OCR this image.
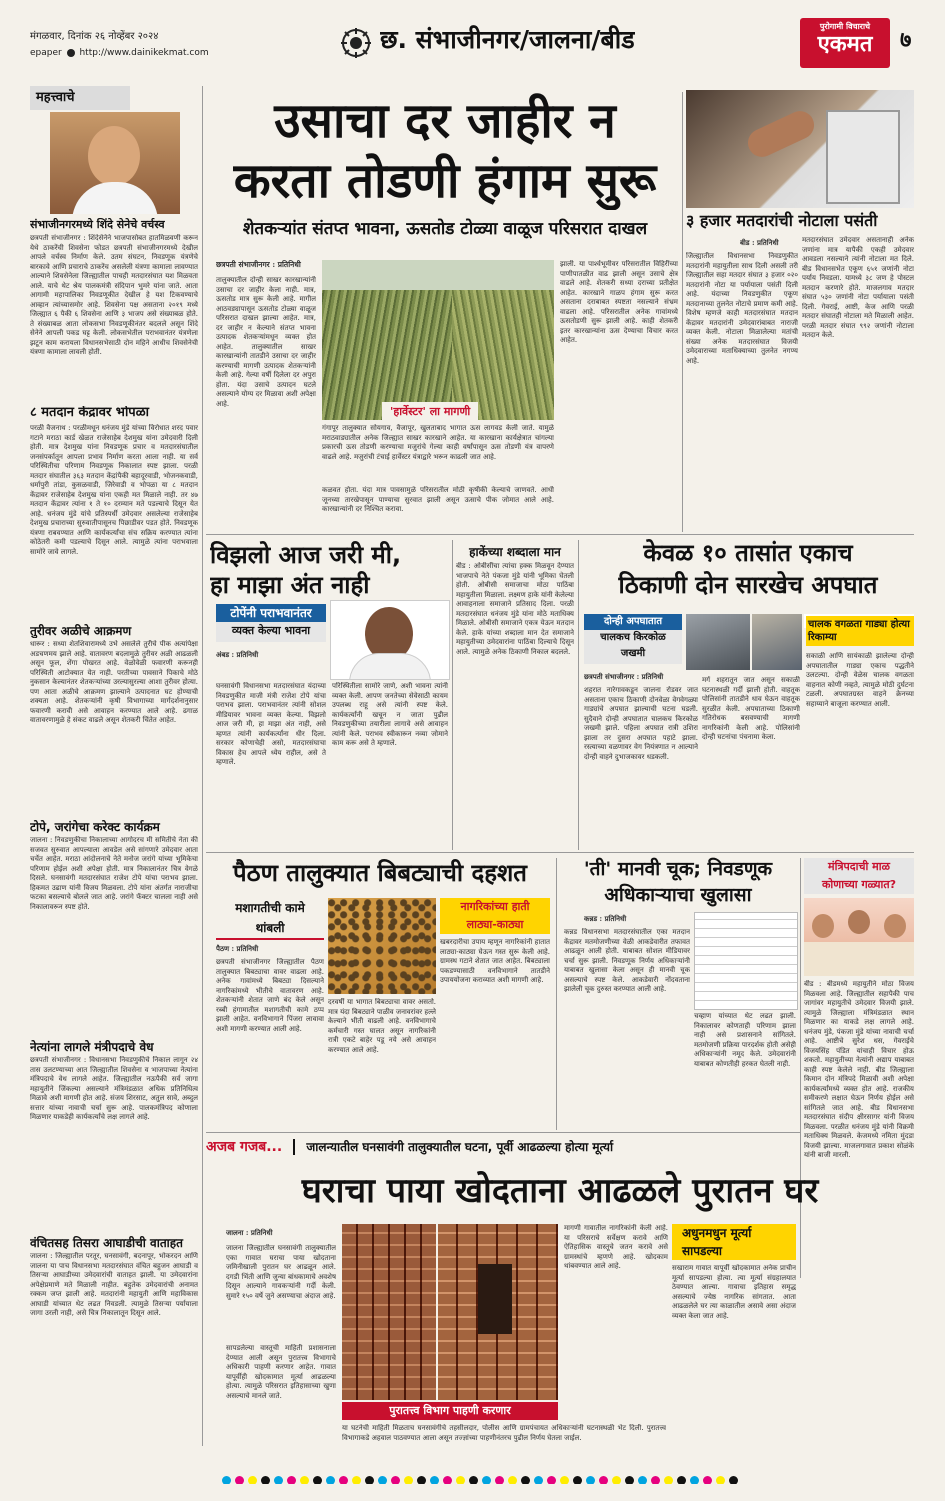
मंगळवार, दिनांक २६ नोव्हेंबर २०२४
epaper http://www.dainikekmat.com	छ. संभाजीनगर/जालना/बीड	पुरोगामी विचाराचे
एकमत	७
महत्त्वाचे
संभाजीनगरमध्ये शिंदे सेनेचे वर्चस्व
छत्रपती संभाजीनगर : शिंदेसेनेने भाजपासोबत हातमिळवणी करून येथे ठाकरेंची शिवसेना फोडत छत्रपती संभाजीनगरमध्ये देखील आपले वर्चस्व निर्माण केले. उतम संघटन, निवडणूक यंत्रणेचे बारकावे आणि प्रचाराचे ठाकरेंच असलेली यंत्रणा कामाला लावण्यात आल्याने शिवसेनेला जिल्ह्यातील पाचही मतदारसंघात यश मिळवता आले. याचे थेट श्रेय पालकमंत्री संदिपान भुमरे यांना जाते. आता आगामी महापालिका निवडणूकीत देखील हे यश टिकवण्याचे आव्हान त्यांच्यासमोर आहे. शिवसेना पक्ष असताना २०१९ मध्ये जिल्ह्यात ६ पैकी ६ शिवसेना आणि ३ भाजप असे संख्याबळ होते. ते संख्याबळ आता लोकसभा निवडणूकीनंतर बदलले असून शिंदे सेनेने आपली पकड घट्ट केली. लोकसभेतील पराभवानंतर यंत्रणेला झटून काम करायला विधानसभेसाठी दोन महिने आधीच शिवसेनेची यंत्रणा कामाला लावली होती.
८ मतदान केंद्रावर भोपळा
परळी वैजनाथ : परळीमधून धनंजय मुंडे यांच्या विरोधात शरद पवार गटाने मराठा कार्ड खेळत राजेसाहेब देशमुख यांना उमेदवारी दिली होती. मात्र देशमुख यांना निवडणूक प्रचार व मतदारसंघातील जनसंपर्कातून आपला प्रभाव निर्माण करता आला नाही. या सर्व परिस्थितीचा परिणाम निवडणूक निकालात स्पष्ट झाला. परळी मतदार संघातील ३६३ मतदान केंद्रांपैकी बहादूरवाडी, भोजनकवाडी, धर्मापुरी तांडा, कुसळवाडी, जिरेवाडी व भोपळा या ८ मतदान केंद्रावर राजेसाहेब देशमुख यांना एकही मत मिळाले नाही. तर ४७ मतदान केंद्रावर त्यांना १ ते १० दरम्यान मते पडल्याचे दिसून येत आहे. धनंजय मुंडे यांचे प्रतिस्पर्धी उमेदवार असलेल्या राजेसाहेब देशमुख प्रचाराच्या सुरुवातीपासूनच पिछाडीवर पडत होते. निवडणूक यंत्रणा राबवण्यात आणि कार्यकर्त्यांचा संच सक्रिय करण्यात त्यांना कोठेतरी कमी पडल्याचे दिसून आले. त्यामुळे त्यांना पराभवाला सामोरे जावे लागले.
तुरीवर अळीचे आक्रमण
धारूर : सध्या शेतशिवारामध्ये उभे असलेले तुरीचे पीक अत्यांपेक्षा अडचणमय झाले आहे. वातावरण बदलामुळे तुरीवर अळी आढळली असून फूल, शेंगा पोखरत आहे. वेळोवेळी फवारणी करूनही परिस्थिती आटोक्यात येत नाही. परतीच्या पावसाने पिकाचे मोठे नुकसान केल्यानंतर शेतकऱ्यांच्या उरल्यासुरल्या आशा तुरीवर होत्या. पण आता अळीचे आक्रमण झाल्याने उत्पादनात घट होण्याची शक्यता आहे. शेतकऱ्यांनी कृषी विभागाच्या मार्गदर्शनानुसार फवारणी करावी असे आवाहन करण्यात आले आहे. ढगाळ वातावरणामुळे हे संकट वाढले असून शेतकरी चिंतेत आहेत.
टोपे, जरांगेचा करेक्ट कार्यक्रम
जालना : निवडणुकीचा निकालाच्या आगोदरच मी समितीचे नेता की सजवत सुरुवात आपल्याला आवडेल असे सांगणारे उमेदवार आता चर्चेत आहेत. मराठा आंदोलनाचे नेते मनोज जरांगे यांच्या भूमिकेचा परिणाम होईल अशी अपेक्षा होती. मात्र निकालानंतर चित्र वेगळे दिसले. घनसावंगी मतदारसंघात राजेश टोपे यांचा पराभव झाला. हिकमत उढाण यांनी विजय मिळवला. टोपे यांना अंतर्गत नाराजीचा फटका बसल्याचे बोलले जात आहे. जरांगे फॅक्टर चालला नाही असे निकालावरून स्पष्ट होते.
नेत्यांना लागले मंत्रीपदाचे वेध
छत्रपती संभाजीनगर : विधानसभा निवडणुकीचे निकाल लागून २४ तास उलटण्याच्या आत जिल्ह्यातील शिवसेना व भाजपाच्या नेत्यांना मंत्रिपदाचे वेध लागले आहेत. जिल्ह्यातील नऊपैकी सर्व जागा महायुतीने जिंकल्या असल्याने मंत्रिमंडळात अधिक प्रतिनिधित्व मिळावे अशी मागणी होत आहे. संजय शिरसाट, अतुल सावे, अब्दुल सत्तार यांच्या नावाची चर्चा सुरू आहे. पालकमंत्रिपद कोणाला मिळणार याकडेही कार्यकर्त्यांचे लक्ष लागले आहे.
वंचितसह तिसरा आघाडीची वाताहत
जालना : जिल्ह्यातील परतूर, घनसावंगी, बदनापूर, भोकरदन आणि जालना या पाच विधानसभा मतदारसंघात वंचित बहुजन आघाडी व तिसऱ्या आघाडीच्या उमेदवारांची वाताहत झाली. या उमेदवारांना अपेक्षेप्रमाणे मते मिळाली नाहीत. बहुतेक उमेदवारांची अनामत रक्कम जप्त झाली आहे. मतदारांनी महायुती आणि महाविकास आघाडी यांच्यात थेट लढत निवडली. त्यामुळे तिसऱ्या पर्यायाला जागा उरली नाही, असे चित्र निकालातून दिसून आले.
उसाचा दर जाहीर न
करता तोडणी हंगाम सुरू
शेतकऱ्यांत संतप्त भावना, ऊसतोड टोळ्या वाळूज परिसरात दाखल
छत्रपती संभाजीनगर : प्रतिनिधी
तालुक्यातील दोन्ही साखर कारखान्यांनी उसाचा दर जाहीर केला नाही. मात्र, ऊसतोड मात्र सुरू केली आहे. मागील आठवड्यापासून ऊसतोड टोळ्या वाळूज परिसरात दाखल झाल्या आहेत. मात्र, दर जाहीर न केल्याने संतप्त भावना उत्पादक शेतकऱ्यांमधून व्यक्त होत आहेत. तालुक्यातील साखर कारखान्यांनी तातडीने उसाचा दर जाहीर करण्याची मागणी उत्पादक शेतकऱ्यांनी केली आहे. गेल्या वर्षी दिलेला दर अपुरा होता. यंदा उसाचे उत्पादन घटले असल्याने योग्य दर मिळावा अशी अपेक्षा आहे.
'हार्वेस्टर' ला मागणी
गंगापूर तालुक्यात सोयगाव, वैजापूर, खुलताबाद भागात ऊस लागवड केली जाते. यामुळे मराठवाड्यातील अनेक जिल्ह्यात साखर कारखाने आहेत. या कारखाना कार्यक्षेत्रात चांगल्या प्रकारची ऊस तोडणी करण्याचा मजुरांचे गेल्या काही वर्षांपासून ऊस तोडणी यंत्र वापरणे वाढले आहे. मजुरांची टंचाई हार्वेस्टर यंत्राद्वारे भरून काढली जात आहे.
कळवत होता. यंदा मात्र पावसामुळे परिसरातील मोठी कृषीकी केल्याचे जाणवते. आधी जूनच्या तारखेपासून पाण्याचा सुरवात झाली असून ऊसाचे पीक जोमात आले आहे. कारखान्यांनी दर निश्चित करावा.
झाली. या पार्श्वभूमीवर परिसरातील विहिरींच्या पाणीपातळीत वाढ झाली असून उसाचे क्षेत्र वाढले आहे. शेतकरी सध्या दराच्या प्रतीक्षेत आहेत. कारखाने गाळप हंगाम सुरू करत असताना दराबाबत स्पष्टता नसल्याने संभ्रम वाढला आहे. परिसरातील अनेक गावांमध्ये ऊसतोडणी सुरू झाली आहे. काही शेतकरी इतर कारखान्यांना ऊस देण्याचा विचार करत आहेत.
३ हजार मतदारांची नोटाला पसंती
बीड : प्रतिनिधी
जिल्ह्यातील विधानसभा निवडणुकीत मतदारांनी महायुतीला साथ दिली असली तरी जिल्ह्यातील सहा मतदार संघात ३ हजार ०२० मतदारांनी नोटा या पर्यायाला पसंती दिली आहे. यंदाच्या निवडणुकीत एकूण मतदानाच्या तुलनेत नोटाचे प्रमाण कमी आहे. विशेष म्हणजे काही मतदारसंघात मतदान केंद्रावर मतदारांनी उमेदवारांबाबत नाराजी व्यक्त केली. नोटाला मिळालेल्या मतांची संख्या अनेक मतदारसंघात विजयी उमेदवाराच्या मताधिक्याच्या तुलनेत नगण्य आहे.
मतदारसंघात उमेदवार असतानाही अनेक जणांना मात्र यापैकी एकही उमेदवार आवडला नसल्याने त्यांनी नोटाला मत दिले. बीड विधानसभेत एकूण ६५१ जणांनी नोटा पर्याय निवडला. यामध्ये ३८ जण हे पोस्टल मतदान करणारे होते. माजलगाव मतदार संघात ५३० जणांनी नोटा पर्यायाला पसंती दिली. गेवराई, आष्टी, केज आणि परळी मतदार संघातही नोटाला मते मिळाली आहेत. परळी मतदार संघात ९९२ जणांनी नोटाला मतदान केले.
विझलो आज जरी मी,
हा माझा अंत नाही
टोपेंनी पराभवानंतर
व्यक्त केल्या भावना
अंबड : प्रतिनिधी
घनसावंगी विधानसभा मतदारसंघात यंदाच्या निवडणुकीत माजी मंत्री राजेश टोपे यांचा पराभव झाला. पराभवानंतर त्यांनी सोशल मीडियावर भावना व्यक्त केल्या. विझलो आज जरी मी, हा माझा अंत नाही, असे म्हणत त्यांनी कार्यकर्त्यांना धीर दिला. सरकार कोणाचेही असो, मतदारसंघाचा विकास हेच आपले ध्येय राहील, असे ते म्हणाले.
परिस्थितीला सामोरे जाणे, अशी भावना त्यांनी व्यक्त केली. आपण जनतेच्या सेवेसाठी कायम उपलब्ध राहू असे त्यांनी स्पष्ट केले. कार्यकर्त्यांनी खचून न जाता पुढील निवडणुकीच्या तयारीला लागावे असे आवाहन त्यांनी केले. पराभव स्वीकारून नव्या जोमाने काम करू असे ते म्हणाले.
हाकेंच्या शब्दाला मान
बीड : ओबीसींचा त्यांचा हक्क मिळवून देण्यात भाजपाचे नेते पंकजा मुंडे यांनी भूमिका घेतली होती. ओबीसी समाजाचा मोठा पाठिंबा महायुतीला मिळाला. लक्ष्मण हाके यांनी केलेल्या आवाहनाला समाजाने प्रतिसाद दिला. परळी मतदारसंघात धनंजय मुंडे यांना मोठे मताधिक्य मिळाले. ओबीसी समाजाने एकत्र येऊन मतदान केले. हाके यांच्या शब्दाला मान देत समाजाने महायुतीच्या उमेदवारांना पाठिंबा दिल्याचे दिसून आले. त्यामुळे अनेक ठिकाणी निकाल बदलले.
केवळ १० तासांत एकाच
ठिकाणी दोन सारखेच अपघात
दोन्ही अपघातात
चालकच किरकोळ
जखमी
चालक वगळता गाड्या होत्या रिकाम्या
छत्रपती संभाजीनगर : प्रतिनिधी
शहरात नारेगावकडून जालना रोडवर जात असताना एकाच ठिकाणी दोनवेळा वेगवेगळ्या गाड्यांचे अपघात झाल्याची घटना घडली. सुदैवाने दोन्ही अपघातात चालकच किरकोळ जखमी झाले. पहिला अपघात रात्री उशिरा झाला तर दुसरा अपघात पहाटे झाला. रस्त्याच्या वळणावर वेग नियंत्रणात न आल्याने दोन्ही वाहने दुभाजकावर धडकली.
मर्ग शहरातून जात असून सकाळी घटनास्थळी गर्दी झाली होती. वाहतूक पोलिसांनी तातडीने धाव घेऊन वाहतूक सुरळीत केली. अपघाताच्या ठिकाणी गतिरोधक बसवण्याची मागणी नागरिकांनी केली आहे. पोलिसांनी दोन्ही घटनांचा पंचनामा केला.
सकाळी आणि सायंकाळी झालेल्या दोन्ही अपघातातील गाड्या एकाच पद्धतीने उलटल्या. दोन्ही वेळेस चालक वगळता वाहनात कोणी नव्हते, त्यामुळे मोठी दुर्घटना टळली. अपघातग्रस्त वाहने क्रेनच्या सहाय्याने बाजूला करण्यात आली.
पैठण तालुक्यात बिबट्याची दहशत
मशागतीची कामे
थांबली
नागरिकांच्या हाती
लाठ्या-काठ्या
पैठण : प्रतिनिधी
छत्रपती संभाजीनगर जिल्ह्यातील पैठण तालुक्यात बिबट्याचा वावर वाढला आहे. अनेक गावांमध्ये बिबट्या दिसल्याने नागरिकांमध्ये भीतीचे वातावरण आहे. शेतकऱ्यांनी शेतात जाणे बंद केले असून रब्बी हंगामातील मशागतीची कामे ठप्प झाली आहेत. वनविभागाने पिंजरा लावावा अशी मागणी करण्यात आली आहे.
दरवर्षी या भागात बिबट्याचा वावर असतो. मात्र यंदा बिबट्याने पाळीव जनावरांवर हल्ले केल्याने भीती वाढली आहे. वनविभागाचे कर्मचारी गस्त घालत असून नागरिकांनी रात्री एकटे बाहेर पडू नये असे आवाहन करण्यात आले आहे.
खबरदारीचा उपाय म्हणून नागरिकांनी हातात लाठ्या-काठ्या घेऊन गस्त सुरू केली आहे. ग्रामस्थ गटाने शेतात जात आहेत. बिबट्याला पकडण्यासाठी वनविभागाने तातडीने उपाययोजना कराव्यात अशी मागणी आहे.
'ती' मानवी चूक; निवडणूक
अधिकाऱ्याचा खुलासा
कन्नड : प्रतिनिधी
कन्नड विधानसभा मतदारसंघातील एका मतदान केंद्रावर मतमोजणीच्या वेळी आकडेवारीत तफावत आढळून आली होती. याबाबत सोशल मीडियावर चर्चा सुरू झाली. निवडणूक निर्णय अधिकाऱ्यांनी याबाबत खुलासा केला असून ही मानवी चूक असल्याचे स्पष्ट केले. आकडेवारी नोंदवताना झालेली चूक दुरुस्त करण्यात आली आहे.
चव्हाण यांच्यात थेट लढत झाली. निकालावर कोणताही परिणाम झाला नाही असे प्रशासनाने सांगितले. मतमोजणी प्रक्रिया पारदर्शक होती असेही अधिकाऱ्यांनी नमूद केले. उमेदवारांनी याबाबत कोणतीही हरकत घेतली नाही.
मंत्रिपदाची माळ
कोणाच्या गळ्यात?
बीड : बीडमध्ये महायुतीने मोठा विजय मिळवला आहे. जिल्ह्यातील सहापैकी पाच जागांवर महायुतीचे उमेदवार विजयी झाले. त्यामुळे जिल्ह्याला मंत्रिमंडळात स्थान मिळणार का याकडे लक्ष लागले आहे. धनंजय मुंडे, पंकजा मुंडे यांच्या नावाची चर्चा आहे. आष्टीचे सुरेश धस, गेवराईचे विजयसिंह पंडित यांचाही विचार होऊ शकतो. महायुतीच्या नेत्यांनी अद्याप याबाबत काही स्पष्ट केलेले नाही. बीड जिल्ह्याला किमान दोन मंत्रिपदे मिळावी अशी अपेक्षा कार्यकर्त्यांमध्ये व्यक्त होत आहे. राजकीय समीकरणे लक्षात घेऊन निर्णय होईल असे सांगितले जात आहे. बीड विधानसभा मतदारसंघात संदीप क्षीरसागर यांनी विजय मिळवला. परळीत धनंजय मुंडे यांनी विक्रमी मताधिक्य मिळवले. केजमध्ये नमिता मुंदडा विजयी झाल्या. माजलगावात प्रकाश सोळंके यांनी बाजी मारली.
अजब गजब... जालन्यातील घनसावंगी तालुक्यातील घटना, पूर्वी आढळल्या होत्या मूर्त्या
घराचा पाया खोदताना आढळले पुरातन घर
जालना : प्रतिनिधी
जालना जिल्ह्यातील घनसावंगी तालुक्यातील एका गावात घराचा पाया खोदताना जमिनीखाली पुरातन घर आढळून आले. दगडी भिंती आणि जुन्या बांधकामाचे अवशेष दिसून आल्याने गावकऱ्यांनी गर्दी केली. सुमारे १५० वर्षे जुने असण्याचा अंदाज आहे.
सापडलेल्या वास्तूची माहिती प्रशासनाला देण्यात आली असून पुरातत्त्व विभागाचे अधिकारी पाहणी करणार आहेत. गावात यापूर्वीही खोदकामात मूर्त्या आढळल्या होत्या. त्यामुळे परिसरात इतिहासाच्या खुणा असल्याचे मानले जाते.
पुरातत्त्व विभाग पाहणी करणार
मागणी गावातील नागरिकांनी केली आहे. या परिसराचे सर्वेक्षण करावे आणि ऐतिहासिक वास्तूचे जतन करावे असे ग्रामस्थांचे म्हणणे आहे. खोदकाम थांबवण्यात आले आहे.
या घटनेची माहिती मिळताच घनसावंगीचे तहसीलदार, पोलीस आणि ग्रामपंचायत अधिकाऱ्यांनी घटनास्थळी भेट दिली. पुरातत्त्व विभागाकडे अहवाल पाठवण्यात आला असून तज्ज्ञांच्या पाहणीनंतरच पुढील निर्णय घेतला जाईल.
अधुनमधुन मूर्त्या
सापडल्या
सखाराम गावात यापूर्वी खोदकामात अनेक प्राचीन मूर्त्या सापडल्या होत्या. त्या मूर्त्या संग्रहालयात ठेवण्यात आल्या. गावाचा इतिहास समृद्ध असल्याचे ज्येष्ठ नागरिक सांगतात. आता आढळलेले घर त्या काळातील असावे असा अंदाज व्यक्त केला जात आहे.
